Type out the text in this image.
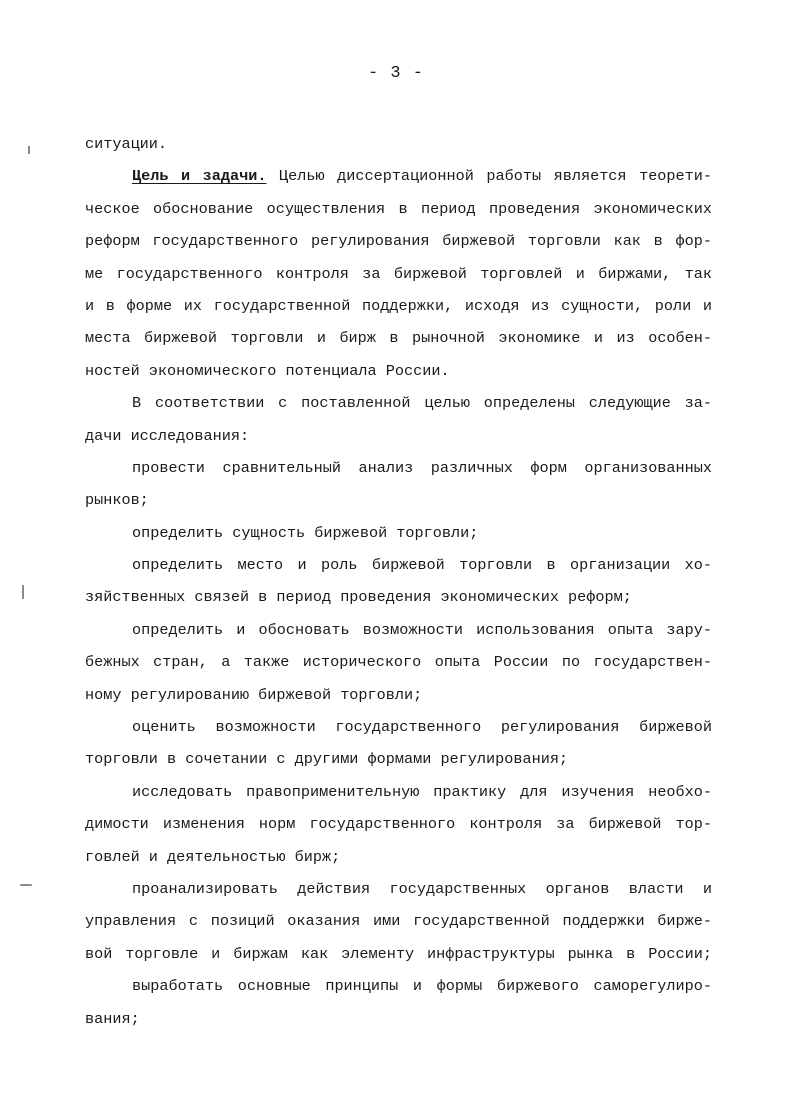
- 3 -
ситуации.
Цель и задачи. Целью диссертационной работы является теорети-
ческое обоснование осуществления в период проведения экономических
реформ государственного регулирования биржевой торговли как в фор-
ме государственного контроля за биржевой торговлей и биржами, так
и в форме их государственной поддержки, исходя из сущности, роли и
места биржевой торговли и бирж в рыночной экономике и из особен-
ностей экономического потенциала России.
В соответствии с поставленной целью определены следующие за-
дачи исследования:
провести сравнительный анализ различных форм организованных
рынков;
определить сущность биржевой торговли;
определить место и роль биржевой торговли в организации хо-
зяйственных связей в период проведения экономических реформ;
определить и обосновать возможности использования опыта зару-
бежных стран, а также исторического опыта России по государствен-
ному регулированию биржевой торговли;
оценить возможности государственного регулирования биржевой
торговли в сочетании с другими формами регулирования;
исследовать правоприменительную практику для изучения необхо-
димости изменения норм государственного контроля за биржевой тор-
говлей и деятельностью бирж;
проанализировать действия государственных органов власти и
управления с позиций оказания ими государственной поддержки бирже-
вой торговле и биржам как элементу инфраструктуры рынка в России;
выработать основные принципы и формы биржевого саморегулиро-
вания;
